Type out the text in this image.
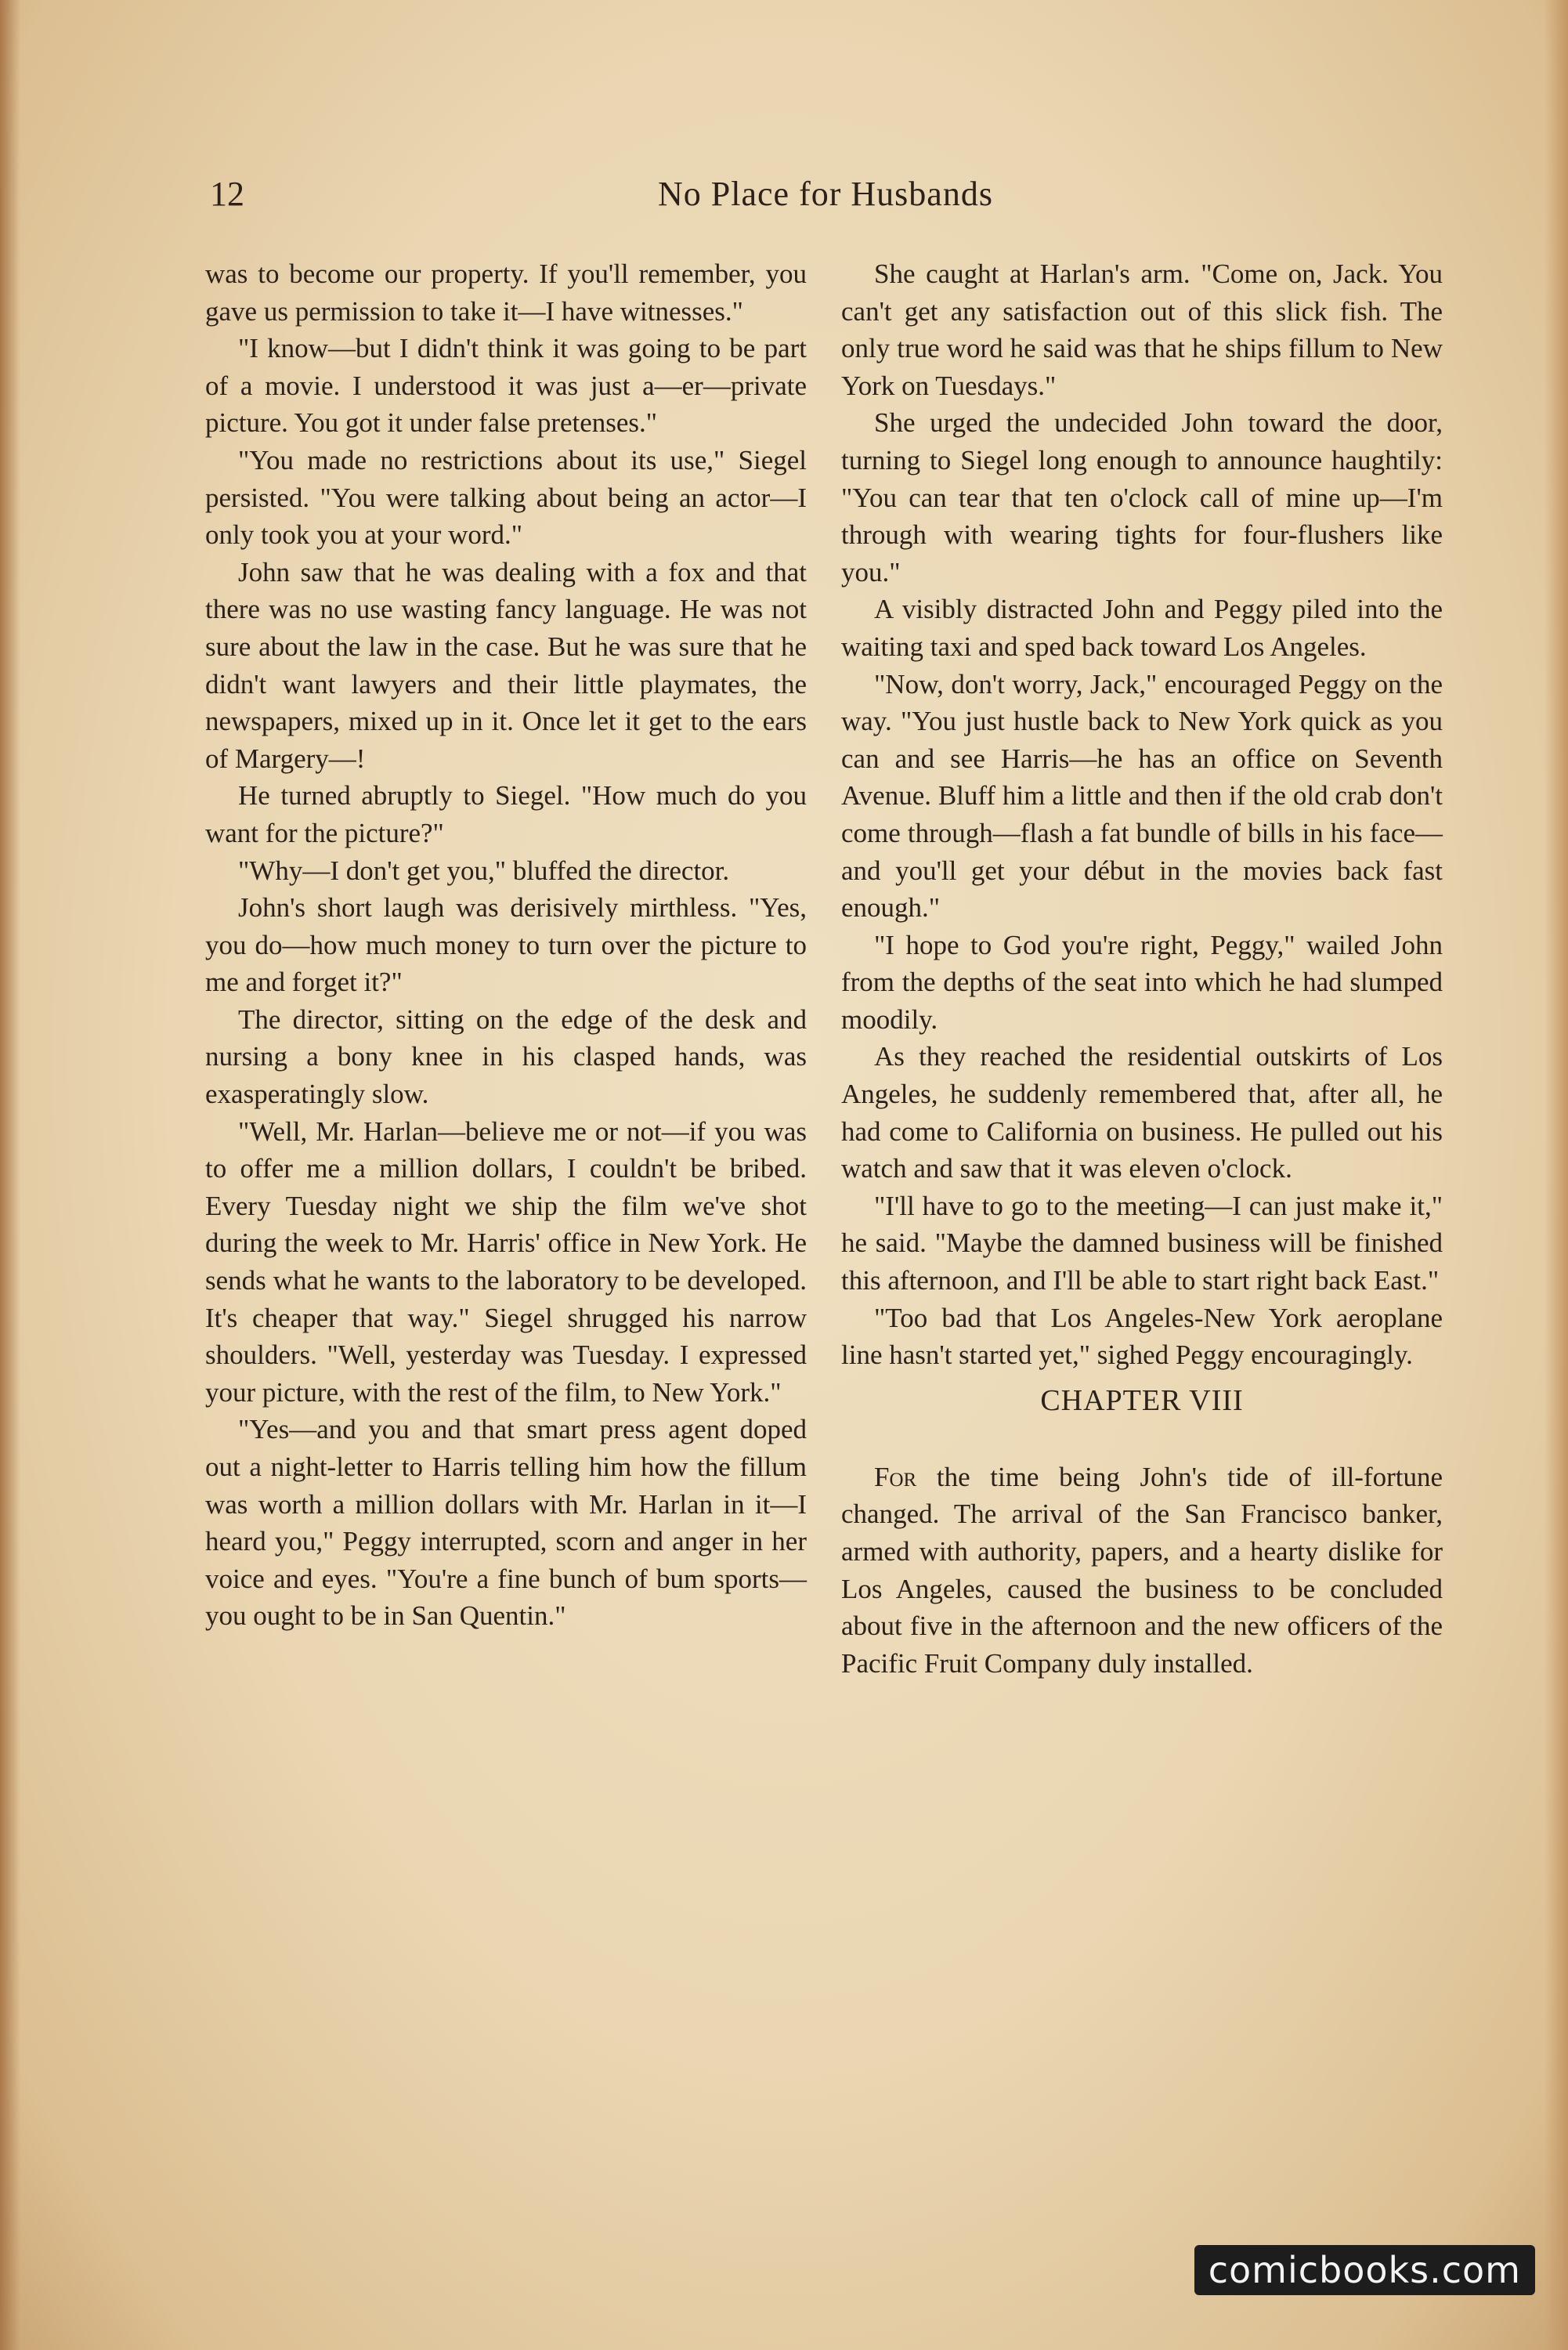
12	No Place for Husbands

was to become our property. If you'll remember, you gave us permission to take it—I have witnesses."

"I know—but I didn't think it was going to be part of a movie. I understood it was just a—er—private picture. You got it under false pretenses."

"You made no restrictions about its use," Siegel persisted. "You were talking about being an actor—I only took you at your word."

John saw that he was dealing with a fox and that there was no use wasting fancy language. He was not sure about the law in the case. But he was sure that he didn't want lawyers and their little playmates, the newspapers, mixed up in it. Once let it get to the ears of Margery—!

He turned abruptly to Siegel. "How much do you want for the picture?"

"Why—I don't get you," bluffed the director.

John's short laugh was derisively mirthless. "Yes, you do—how much money to turn over the picture to me and forget it?"

The director, sitting on the edge of the desk and nursing a bony knee in his clasped hands, was exasperatingly slow.

"Well, Mr. Harlan—believe me or not—if you was to offer me a million dollars, I couldn't be bribed. Every Tuesday night we ship the film we've shot during the week to Mr. Harris' office in New York. He sends what he wants to the laboratory to be developed. It's cheaper that way." Siegel shrugged his narrow shoulders. "Well, yesterday was Tuesday. I expressed your picture, with the rest of the film, to New York."

"Yes—and you and that smart press agent doped out a night-letter to Harris telling him how the fillum was worth a million dollars with Mr. Harlan in it—I heard you," Peggy interrupted, scorn and anger in her voice and eyes. "You're a fine bunch of bum sports—you ought to be in San Quentin."

She caught at Harlan's arm. "Come on, Jack. You can't get any satisfaction out of this slick fish. The only true word he said was that he ships fillum to New York on Tuesdays."

She urged the undecided John toward the door, turning to Siegel long enough to announce haughtily: "You can tear that ten o'clock call of mine up—I'm through with wearing tights for four-flushers like you."

A visibly distracted John and Peggy piled into the waiting taxi and sped back toward Los Angeles.

"Now, don't worry, Jack," encouraged Peggy on the way. "You just hustle back to New York quick as you can and see Harris—he has an office on Seventh Avenue. Bluff him a little and then if the old crab don't come through—flash a fat bundle of bills in his face—and you'll get your début in the movies back fast enough."

"I hope to God you're right, Peggy," wailed John from the depths of the seat into which he had slumped moodily.

As they reached the residential outskirts of Los Angeles, he suddenly remembered that, after all, he had come to California on business. He pulled out his watch and saw that it was eleven o'clock.

"I'll have to go to the meeting—I can just make it," he said. "Maybe the damned business will be finished this afternoon, and I'll be able to start right back East."

"Too bad that Los Angeles-New York aeroplane line hasn't started yet," sighed Peggy encouragingly.

CHAPTER VIII

For the time being John's tide of ill-fortune changed. The arrival of the San Francisco banker, armed with authority, papers, and a hearty dislike for Los Angeles, caused the business to be concluded about five in the afternoon and the new officers of the Pacific Fruit Company duly installed.

comicbooks.com
